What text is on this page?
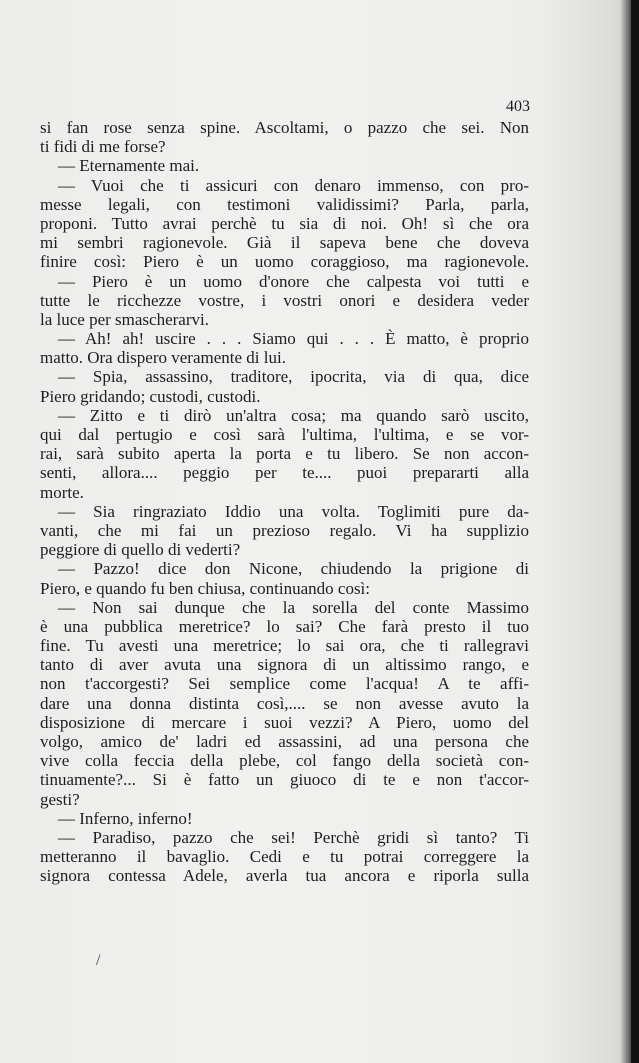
403
si fan rose senza spine. Ascoltami, o pazzo che sei. Non
ti fidi di me forse?
— Eternamente mai.
— Vuoi che ti assicuri con denaro immenso, con pro-
messe legali, con testimoni validissimi? Parla, parla,
proponi. Tutto avrai perchè tu sia di noi. Oh! sì che ora
mi sembri ragionevole. Già il sapeva bene che doveva
finire così: Piero è un uomo coraggioso, ma ragionevole.
— Piero è un uomo d'onore che calpesta voi tutti e
tutte le ricchezze vostre, i vostri onori e desidera veder
la luce per smascherarvi.
— Ah! ah! uscire . . . Siamo qui . . . È matto, è proprio
matto. Ora dispero veramente di lui.
— Spia, assassino, traditore, ipocrita, via di qua, dice
Piero gridando; custodi, custodi.
— Zitto e ti dirò un'altra cosa; ma quando sarò uscito,
qui dal pertugio e così sarà l'ultima, l'ultima, e se vor-
rai, sarà subito aperta la porta e tu libero. Se non accon-
senti, allora.... peggio per te.... puoi prepararti alla
morte.
— Sia ringraziato Iddio una volta. Toglimiti pure da-
vanti, che mi fai un prezioso regalo. Vi ha supplizio
peggiore di quello di vederti?
— Pazzo! dice don Nicone, chiudendo la prigione di
Piero, e quando fu ben chiusa, continuando così:
— Non sai dunque che la sorella del conte Massimo
è una pubblica meretrice? lo sai? Che farà presto il tuo
fine. Tu avesti una meretrice; lo sai ora, che ti rallegravi
tanto di aver avuta una signora di un altissimo rango, e
non t'accorgesti? Sei semplice come l'acqua! A te affi-
dare una donna distinta così,.... se non avesse avuto la
disposizione di mercare i suoi vezzi? A Piero, uomo del
volgo, amico de' ladri ed assassini, ad una persona che
vive colla feccia della plebe, col fango della società con-
tinuamente?... Si è fatto un giuoco di te e non t'accor-
gesti?
— Inferno, inferno!
— Paradiso, pazzo che sei! Perchè gridi sì tanto? Ti
metteranno il bavaglio. Cedi e tu potrai correggere la
signora contessa Adele, averla tua ancora e riporla sulla
/
